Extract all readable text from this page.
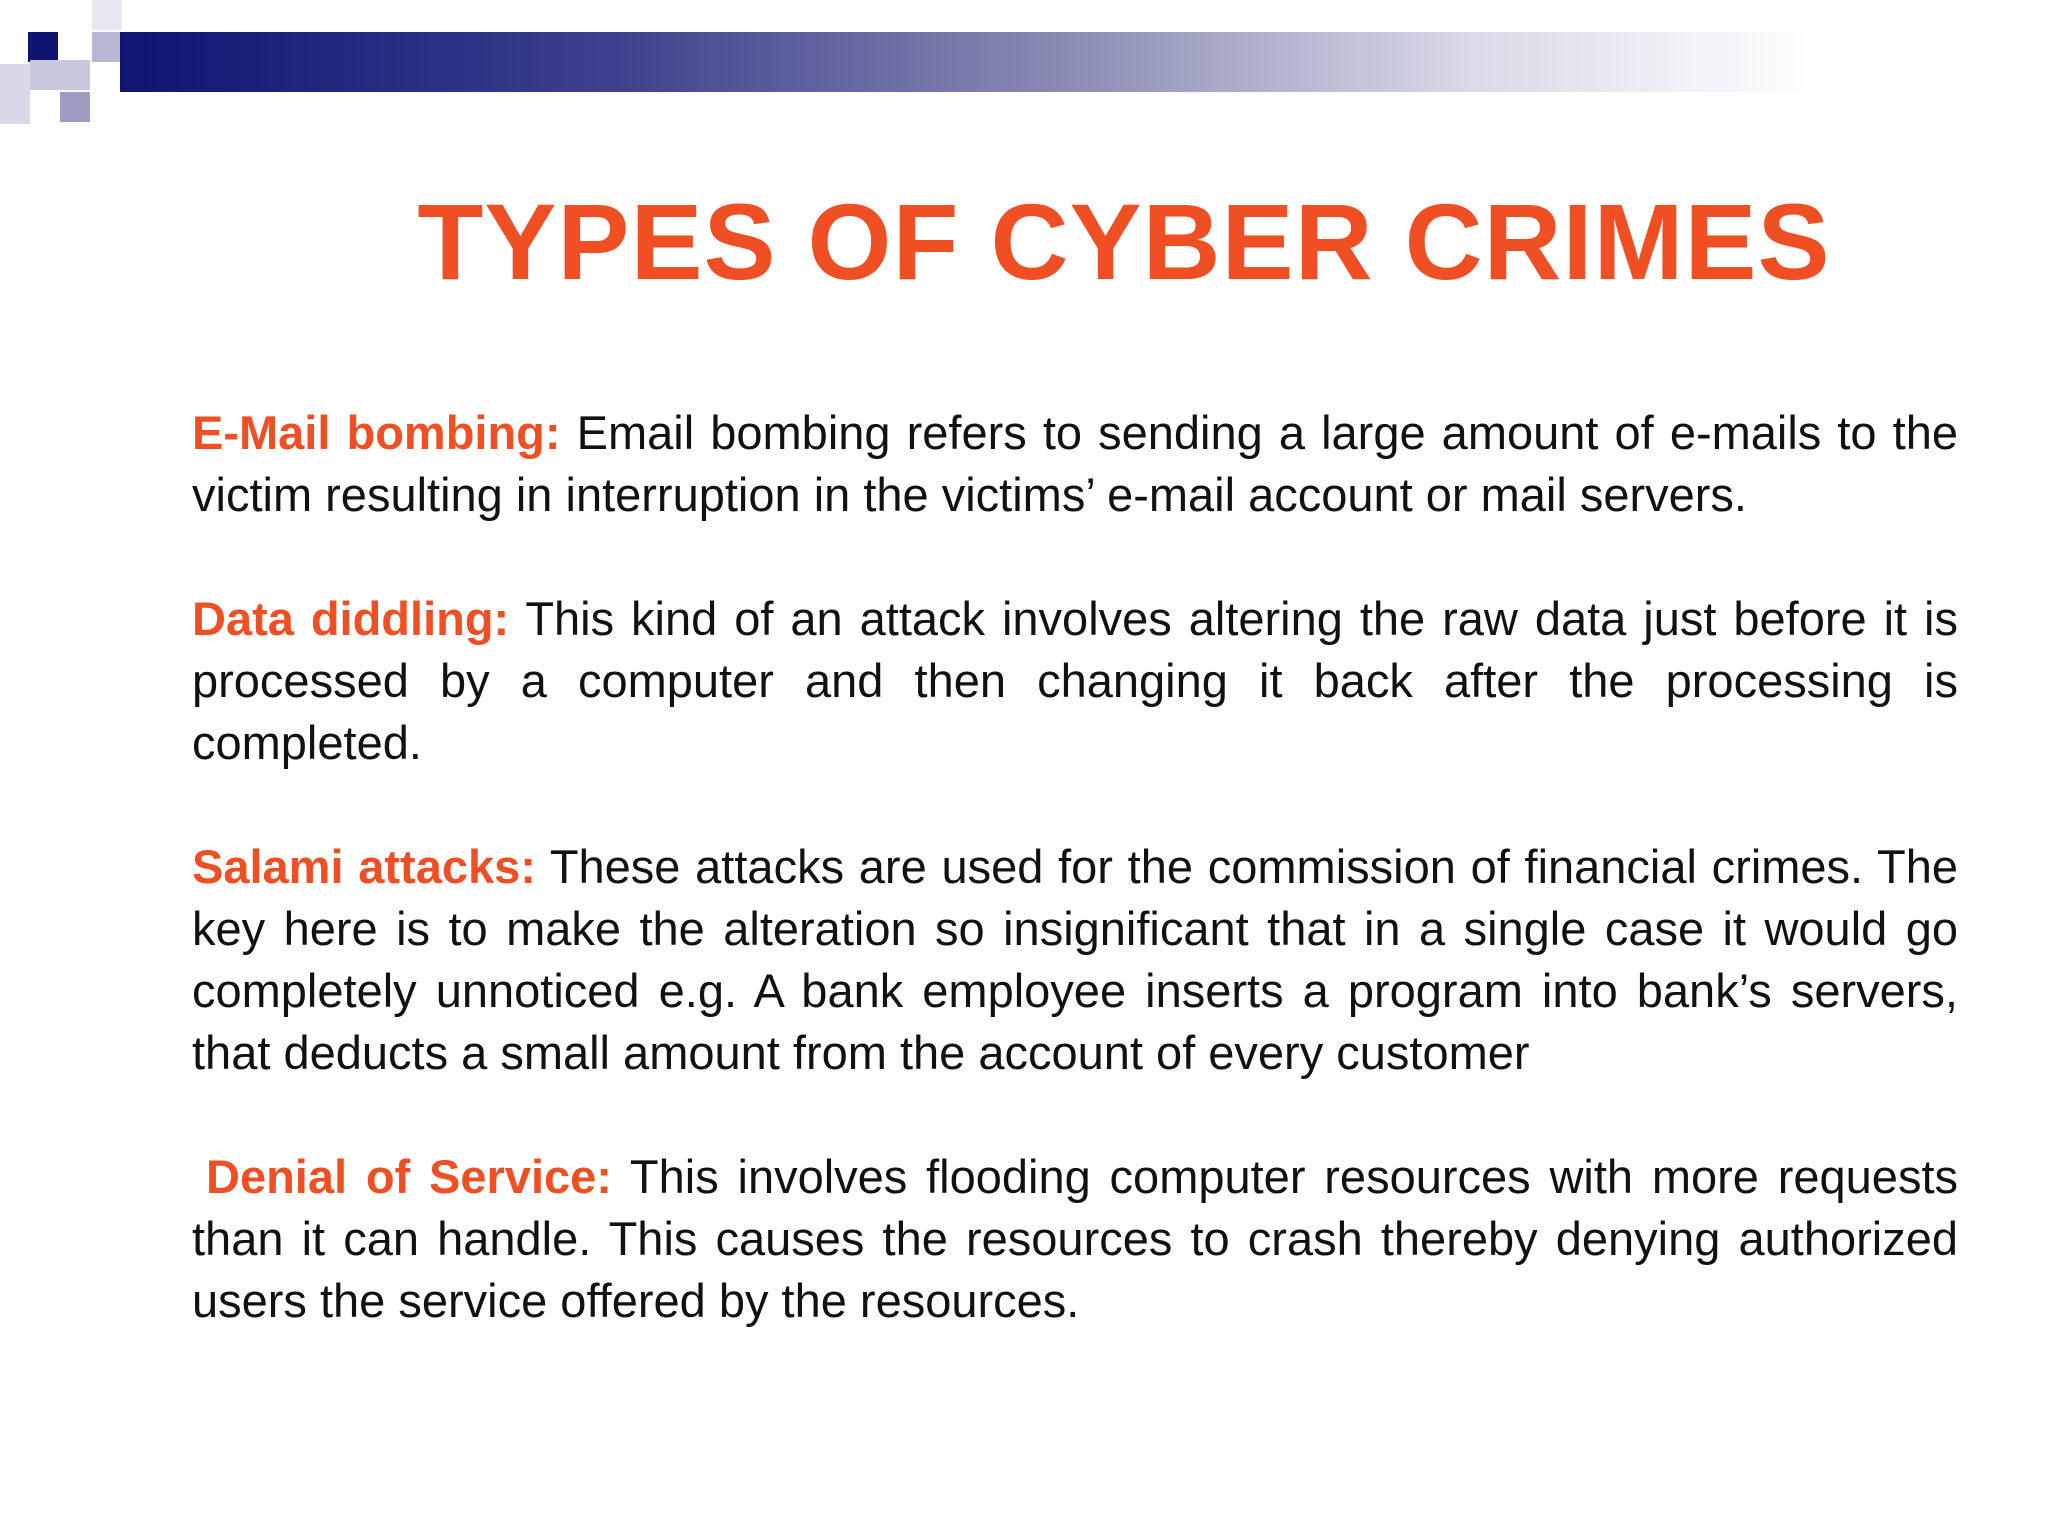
TYPES OF CYBER CRIMES

E-Mail bombing: Email bombing refers to sending a large amount of e-mails to the victim resulting in interruption in the victims’ e-mail account or mail servers.

Data diddling: This kind of an attack involves altering the raw data just before it is processed by a computer and then changing it back after the processing is completed.

Salami attacks: These attacks are used for the commission of financial crimes. The key here is to make the alteration so insignificant that in a single case it would go completely unnoticed e.g. A bank employee inserts a program into bank’s servers, that deducts a small amount from the account of every customer

Denial of Service: This involves flooding computer resources with more requests than it can handle. This causes the resources to crash thereby denying authorized users the service offered by the resources.
